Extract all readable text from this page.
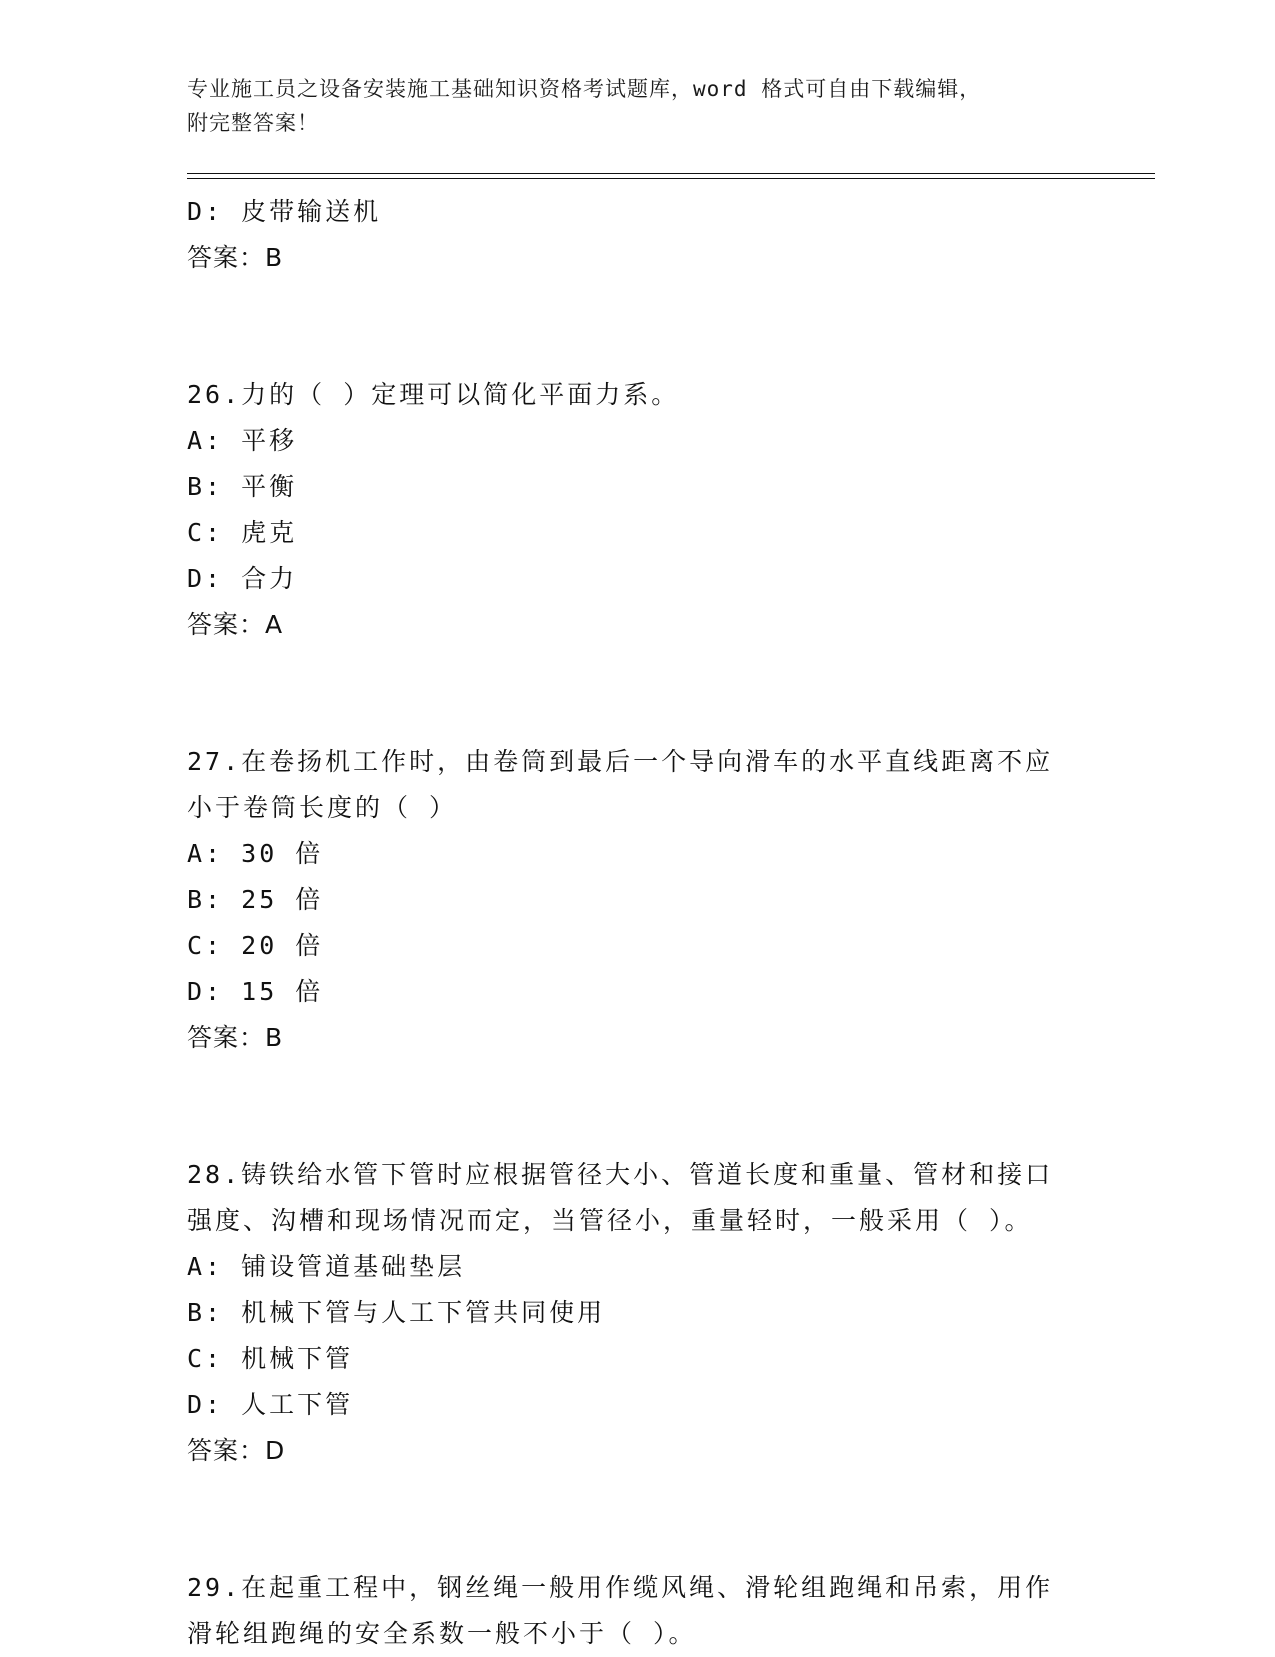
专业施工员之设备安装施工基础知识资格考试题库，word 格式可自由下载编辑，
附完整答案！
D: 皮带输送机
答案：B
26.力的（ ）定理可以简化平面力系。
A: 平移
B: 平衡
C: 虎克
D: 合力
答案：A
27.在卷扬机工作时，由卷筒到最后一个导向滑车的水平直线距离不应
小于卷筒长度的（ ）
A: 30 倍
B: 25 倍
C: 20 倍
D: 15 倍
答案：B
28.铸铁给水管下管时应根据管径大小、管道长度和重量、管材和接口
强度、沟槽和现场情况而定，当管径小，重量轻时，一般采用（ ）。
A: 铺设管道基础垫层
B: 机械下管与人工下管共同使用
C: 机械下管
D: 人工下管
答案：D
29.在起重工程中，钢丝绳一般用作缆风绳、滑轮组跑绳和吊索，用作
滑轮组跑绳的安全系数一般不小于（ ）。
